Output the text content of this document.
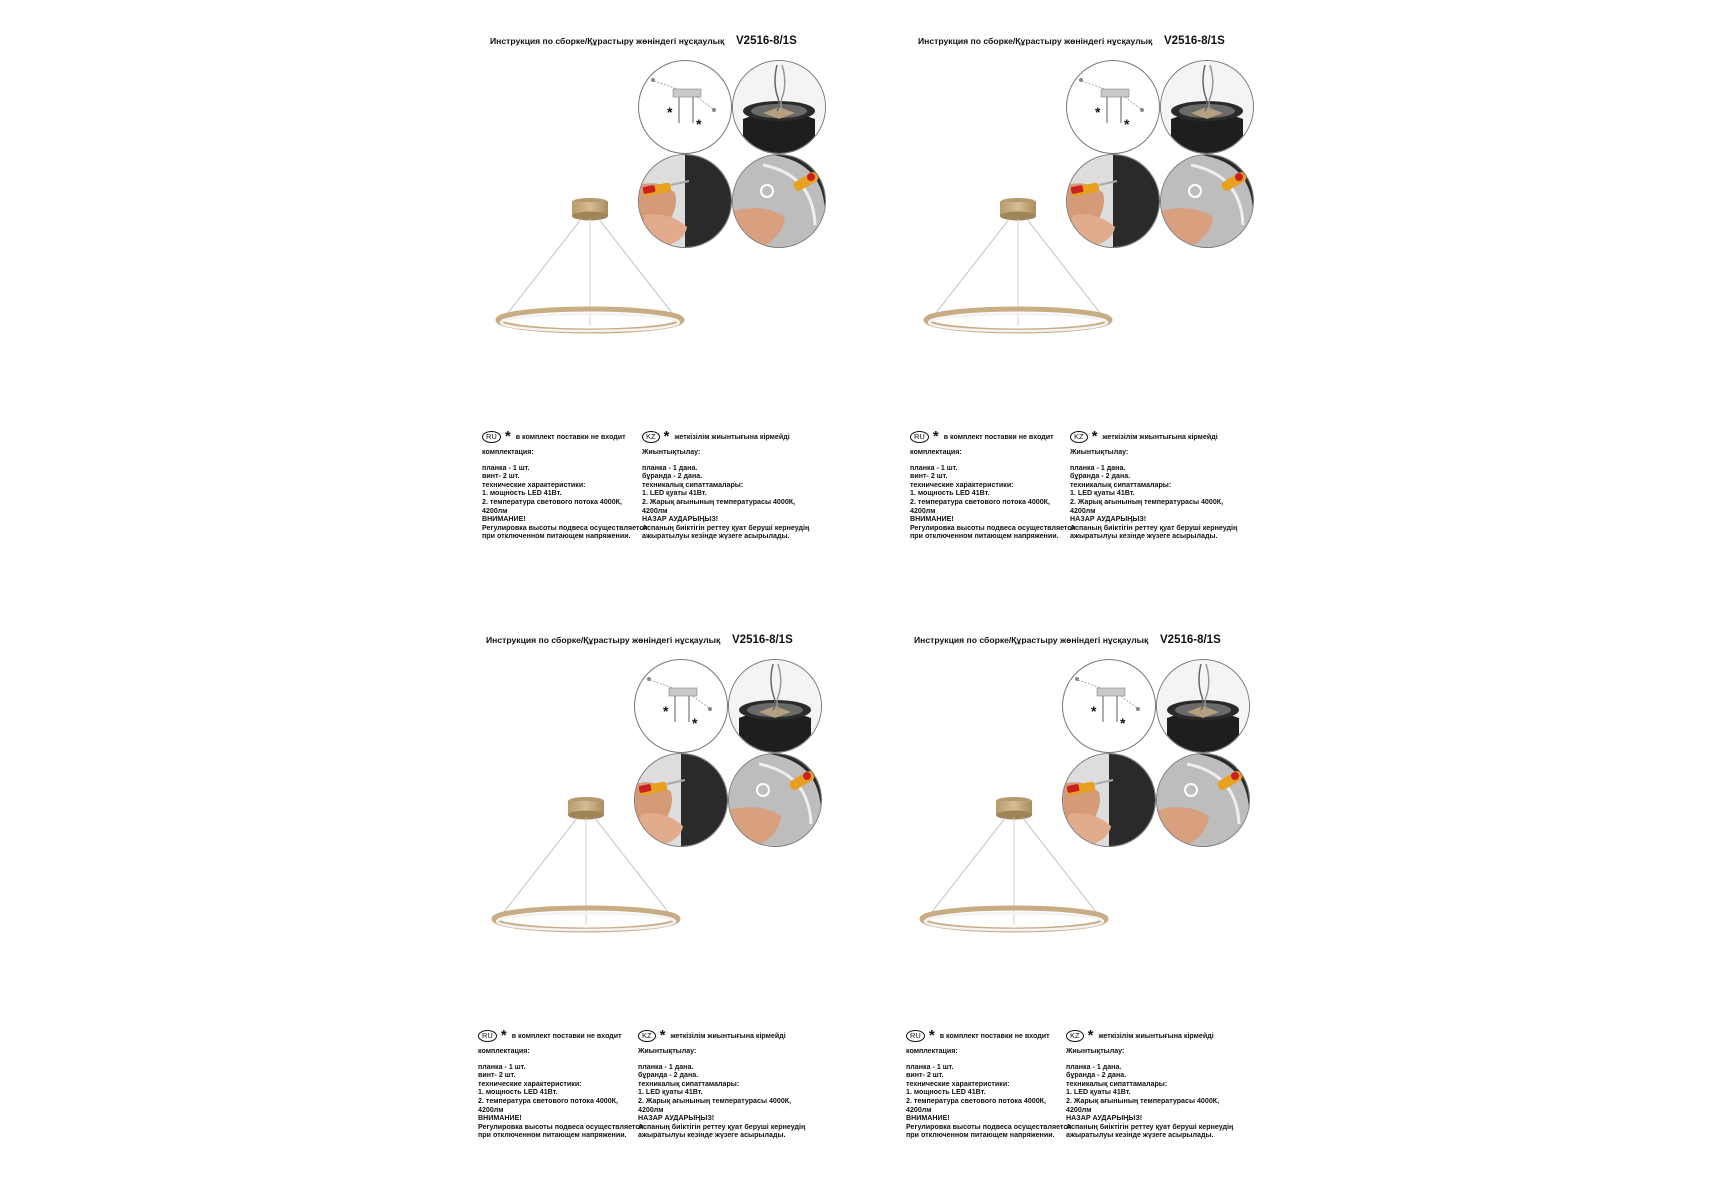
Инструкция по сборке/Құрастыру жөніндегі нұсқаулық V2516-8/1S
*
*
RU * в комплект поставки не входит
комплектация:
планка - 1 шт.
винт- 2 шт.
технические характеристики:
1. мощность LED 41Вт.
2. температура светового потока 4000К,
4200лм
ВНИМАНИЕ!
Регулировка высоты подвеса осуществляется
при отключенном питающем напряжении.
KZ * жеткізілім жиынтығына кірмейді
Жиынтықтылау:
планка - 1 дана.
бұранда - 2 дана.
техникалық сипаттамалары:
1. LED қуаты 41Вт.
2. Жарық ағынының температурасы 4000К,
4200лм
НАЗАР АУДАРЫҢЫЗ!
Аспаның биіктігін реттеу қуат беруші кернеудің
ажыратылуы кезінде жүзеге асырылады.
Инструкция по сборке/Құрастыру жөніндегі нұсқаулық V2516-8/1S
*
*
RU * в комплект поставки не входит
комплектация:
планка - 1 шт.
винт- 2 шт.
технические характеристики:
1. мощность LED 41Вт.
2. температура светового потока 4000К,
4200лм
ВНИМАНИЕ!
Регулировка высоты подвеса осуществляется
при отключенном питающем напряжении.
KZ * жеткізілім жиынтығына кірмейді
Жиынтықтылау:
планка - 1 дана.
бұранда - 2 дана.
техникалық сипаттамалары:
1. LED қуаты 41Вт.
2. Жарық ағынының температурасы 4000К,
4200лм
НАЗАР АУДАРЫҢЫЗ!
Аспаның биіктігін реттеу қуат беруші кернеудің
ажыратылуы кезінде жүзеге асырылады.
Инструкция по сборке/Құрастыру жөніндегі нұсқаулық V2516-8/1S
*
*
RU * в комплект поставки не входит
комплектация:
планка - 1 шт.
винт- 2 шт.
технические характеристики:
1. мощность LED 41Вт.
2. температура светового потока 4000К,
4200лм
ВНИМАНИЕ!
Регулировка высоты подвеса осуществляется
при отключенном питающем напряжении.
KZ * жеткізілім жиынтығына кірмейді
Жиынтықтылау:
планка - 1 дана.
бұранда - 2 дана.
техникалық сипаттамалары:
1. LED қуаты 41Вт.
2. Жарық ағынының температурасы 4000К,
4200лм
НАЗАР АУДАРЫҢЫЗ!
Аспаның биіктігін реттеу қуат беруші кернеудің
ажыратылуы кезінде жүзеге асырылады.
Инструкция по сборке/Құрастыру жөніндегі нұсқаулық V2516-8/1S
*
*
RU * в комплект поставки не входит
комплектация:
планка - 1 шт.
винт- 2 шт.
технические характеристики:
1. мощность LED 41Вт.
2. температура светового потока 4000К,
4200лм
ВНИМАНИЕ!
Регулировка высоты подвеса осуществляется
при отключенном питающем напряжении.
KZ * жеткізілім жиынтығына кірмейді
Жиынтықтылау:
планка - 1 дана.
бұранда - 2 дана.
техникалық сипаттамалары:
1. LED қуаты 41Вт.
2. Жарық ағынының температурасы 4000К,
4200лм
НАЗАР АУДАРЫҢЫЗ!
Аспаның биіктігін реттеу қуат беруші кернеудің
ажыратылуы кезінде жүзеге асырылады.
